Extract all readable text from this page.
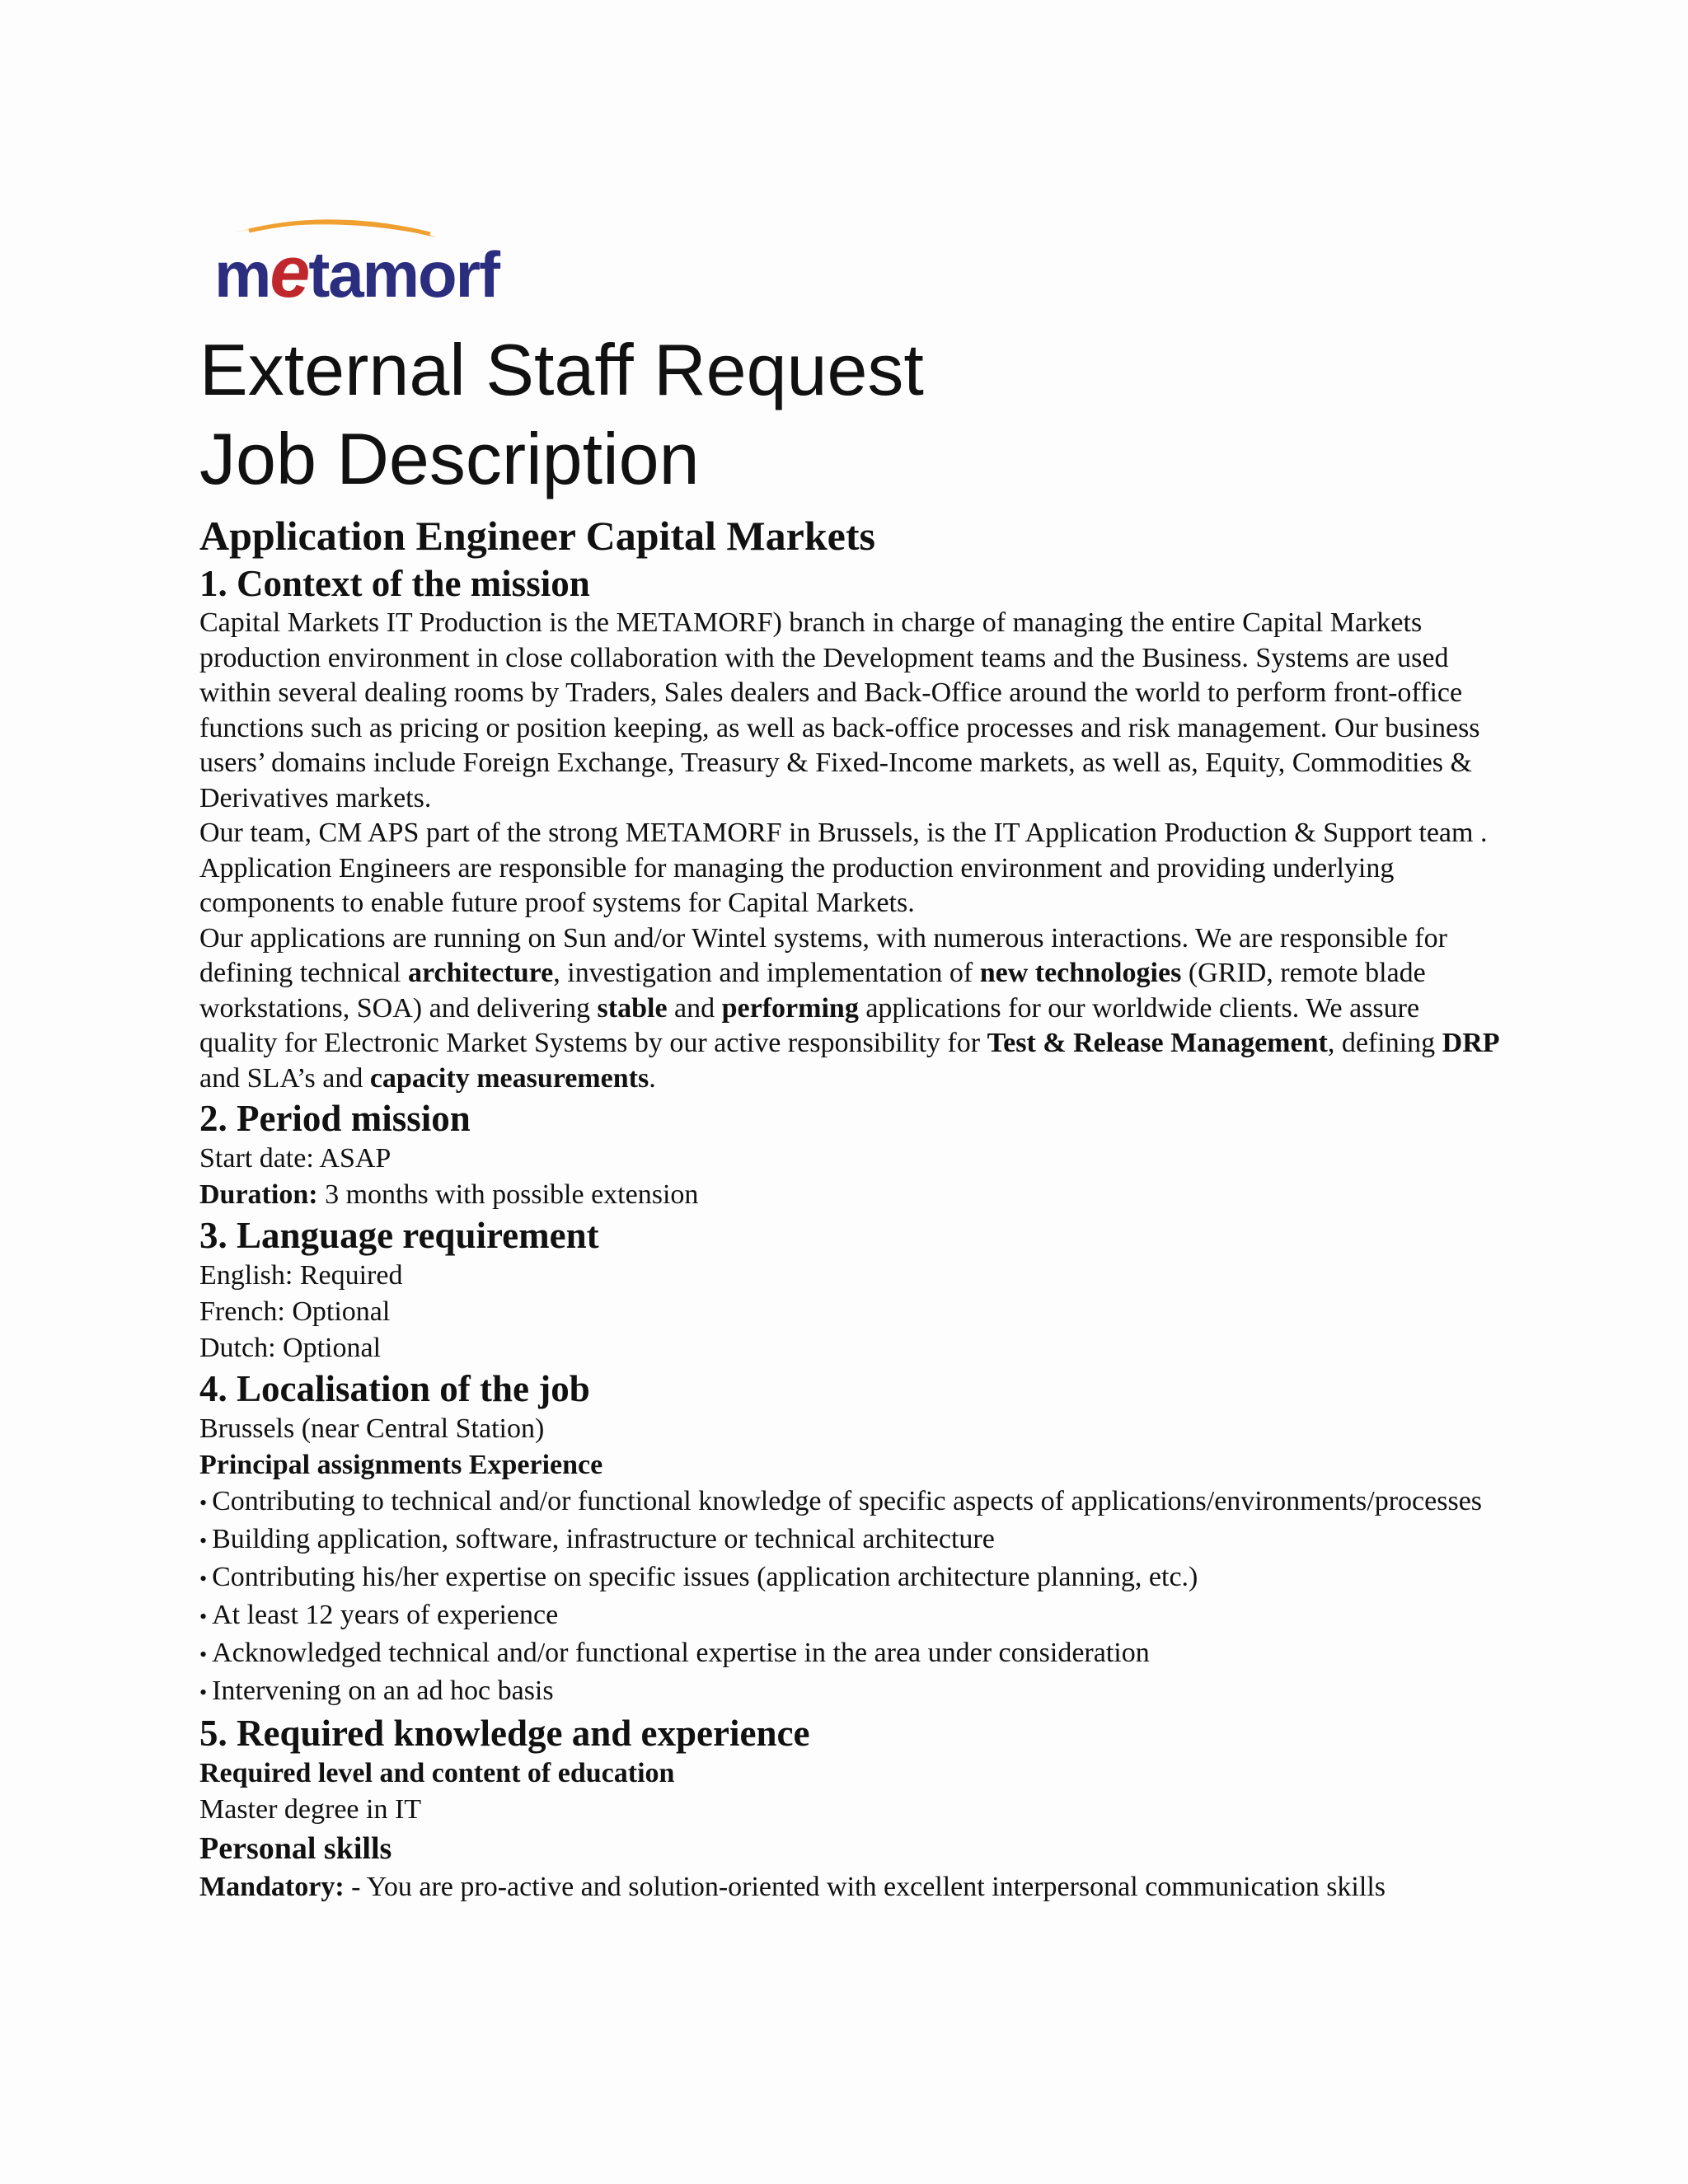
metamorf
External Staff Request
Job Description
Application Engineer Capital Markets
1. Context of the mission

Capital Markets IT Production is the METAMORF) branch in charge of managing the entire Capital Markets production environment in close collaboration with the Development teams and the Business. Systems are used within several dealing rooms by Traders, Sales dealers and Back-Office around the world to perform front-office functions such as pricing or position keeping, as well as back-office processes and risk management. Our business users’ domains include Foreign Exchange, Treasury & Fixed-Income markets, as well as, Equity, Commodities & Derivatives markets.

Our team, CM APS part of the strong METAMORF in Brussels, is the IT Application Production & Support team . Application Engineers are responsible for managing the production environment and providing underlying components to enable future proof systems for Capital Markets.

Our applications are running on Sun and/or Wintel systems, with numerous interactions. We are responsible for defining technical architecture, investigation and implementation of new technologies (GRID, remote blade workstations, SOA) and delivering stable and performing applications for our worldwide clients. We assure quality for Electronic Market Systems by our active responsibility for Test & Release Management, defining DRP and SLA’s and capacity measurements.

2. Period mission

Start date: ASAP

Duration: 3 months with possible extension

3. Language requirement

English: Required

French: Optional

Dutch: Optional

4. Localisation of the job

Brussels (near Central Station)

Principal assignments Experience

• Contributing to technical and/or functional knowledge of specific aspects of applications/environments/processes
• Building application, software, infrastructure or technical architecture
• Contributing his/her expertise on specific issues (application architecture planning, etc.)
• At least 12 years of experience
• Acknowledged technical and/or functional expertise in the area under consideration
• Intervening on an ad hoc basis
5. Required knowledge and experience

Required level and content of education

Master degree in IT

Personal skills

Mandatory: - You are pro-active and solution-oriented with excellent interpersonal communication skills
